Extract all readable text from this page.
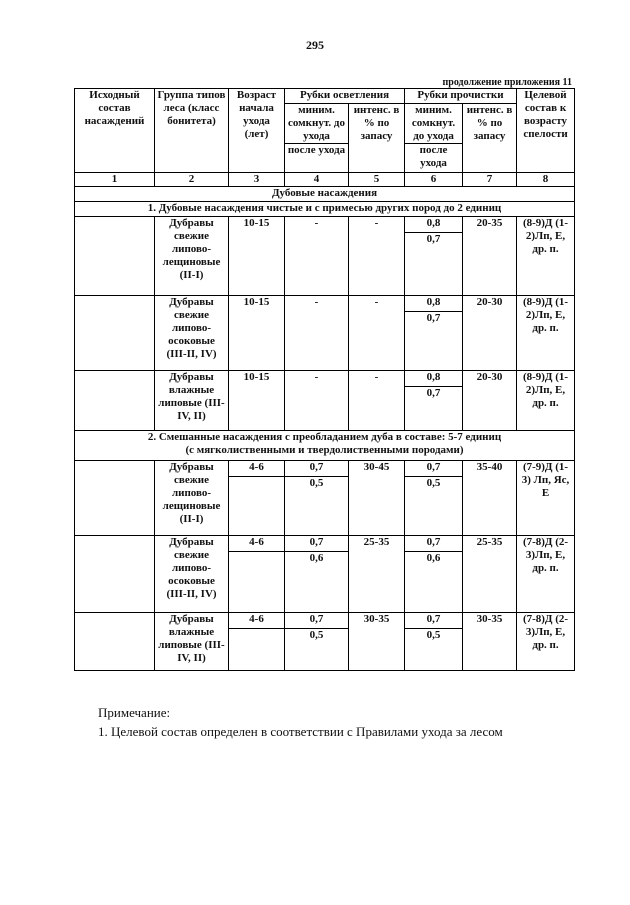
295
продолжение приложения 11
Исходный состав насаждений	Группа типов леса (класс бонитета)	Возраст начала ухода (лет)	Рубки осветления		Рубки прочистки		Целевой состав к возрасту спелости
			миним. сомкнут. до ухода	интенс. в % по запасу	миним. сомкнут. до ухода	интенс. в % по запасу	
			после ухода		после ухода		

1	2	3	4	5	6	7	8
Дубовые насаждения							
1. Дубовые насаждения чистые и с примесью других пород до 2 единиц							
	Дубравы свежие липово-лещиновые (II-I)	10-15	-	-	0,8	20-35	(8-9)Д (1-2)Лп, Е, др. п.
					0,7		
	Дубравы свежие липово-осоковые (III-II, IV)	10-15	-	-	0,8	20-30	(8-9)Д (1-2)Лп, Е, др. п.
					0,7		
	Дубравы влажные липовые (III-IV, II)	10-15	-	-	0,8	20-30	(8-9)Д (1-2)Лп, Е, др. п.
					0,7		
2. Смешанные насаждения с преобладанием дуба в составе: 5-7 единиц
(с мягколиственными и твердолиственными породами)							
	Дубравы свежие липово-лещиновые (II-I)	4-6	0,7	30-45	0,7	35-40	(7-9)Д (1-3) Лп, Яс, Е
			0,5		0,5		
	Дубравы свежие липово-осоковые (III-II, IV)	4-6	0,7	25-35	0,7	25-35	(7-8)Д (2-3)Лп, Е, др. п.
			0,6		0,6		
	Дубравы влажные липовые (III-IV, II)	4-6	0,7	30-35	0,7	30-35	(7-8)Д (2-3)Лп, Е, др. п.
			0,5		0,5		
Примечание:
1. Целевой состав определен в соответствии с Правилами ухода за лесом
